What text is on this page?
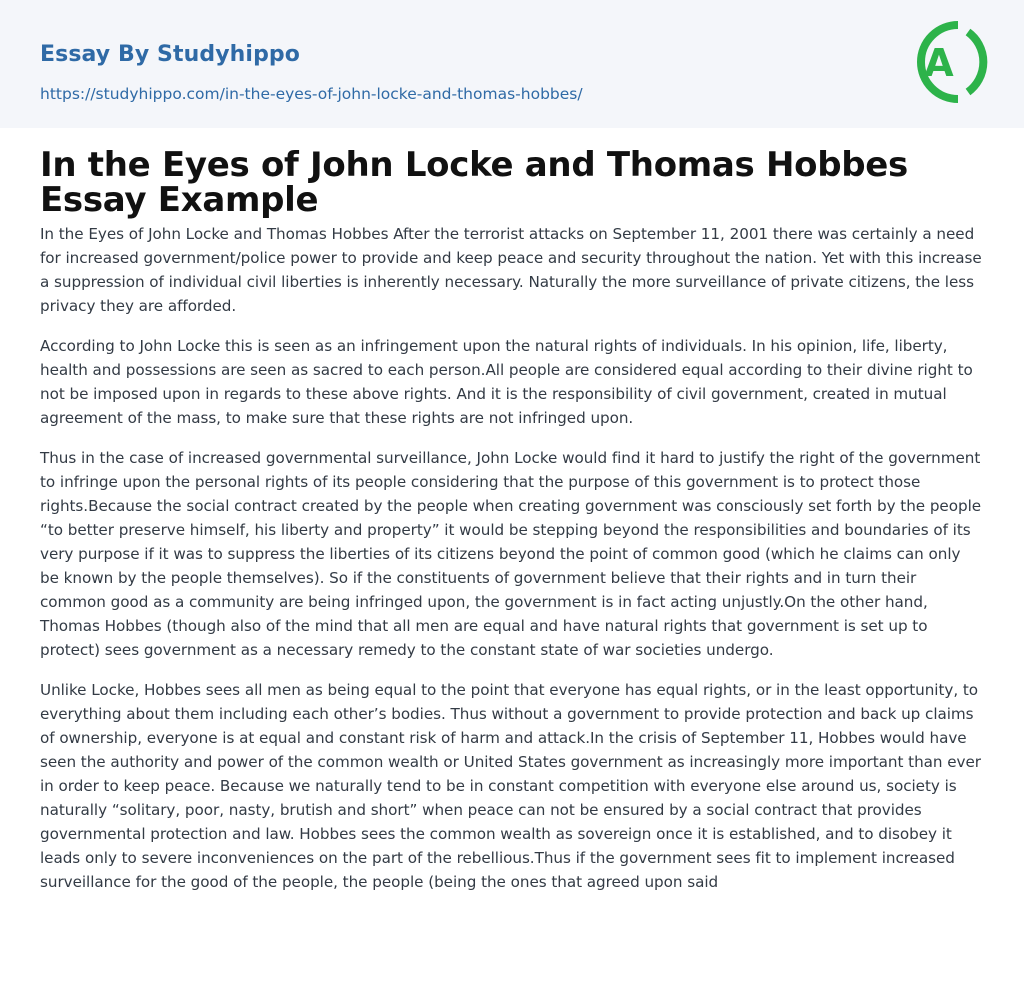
Essay By Studyhippo
https://studyhippo.com/in-the-eyes-of-john-locke-and-thomas-hobbes/
A
In the Eyes of John Locke and Thomas Hobbes Essay Example

In the Eyes of John Locke and Thomas Hobbes After the terrorist attacks on September 11, 2001 there was certainly a need for increased government/police power to provide and keep peace and security throughout the nation. Yet with this increase a suppression of individual civil liberties is inherently necessary. Naturally the more surveillance of private citizens, the less privacy they are afforded.

According to John Locke this is seen as an infringement upon the natural rights of individuals. In his opinion, life, liberty, health and possessions are seen as sacred to each person.All people are considered equal according to their divine right to not be imposed upon in regards to these above rights. And it is the responsibility of civil government, created in mutual agreement of the mass, to make sure that these rights are not infringed upon.

Thus in the case of increased governmental surveillance, John Locke would find it hard to justify the right of the government to infringe upon the personal rights of its people considering that the purpose of this government is to protect those rights.Because the social contract created by the people when creating government was consciously set forth by the people “to better preserve himself, his liberty and property” it would be stepping beyond the responsibilities and boundaries of its very purpose if it was to suppress the liberties of its citizens beyond the point of common good (which he claims can only be known by the people themselves). So if the constituents of government believe that their rights and in turn their common good as a community are being infringed upon, the government is in fact acting unjustly.On the other hand, Thomas Hobbes (though also of the mind that all men are equal and have natural rights that government is set up to protect) sees government as a necessary remedy to the constant state of war societies undergo.

Unlike Locke, Hobbes sees all men as being equal to the point that everyone has equal rights, or in the least opportunity, to everything about them including each other’s bodies. Thus without a government to provide protection and back up claims of ownership, everyone is at equal and constant risk of harm and attack.In the crisis of September 11, Hobbes would have seen the authority and power of the common wealth or United States government as increasingly more important than ever in order to keep peace. Because we naturally tend to be in constant competition with everyone else around us, society is naturally “solitary, poor, nasty, brutish and short” when peace can not be ensured by a social contract that provides governmental protection and law. Hobbes sees the common wealth as sovereign once it is established, and to disobey it leads only to severe inconveniences on the part of the rebellious.Thus if the government sees fit to implement increased surveillance for the good of the people, the people (being the ones that agreed upon said
